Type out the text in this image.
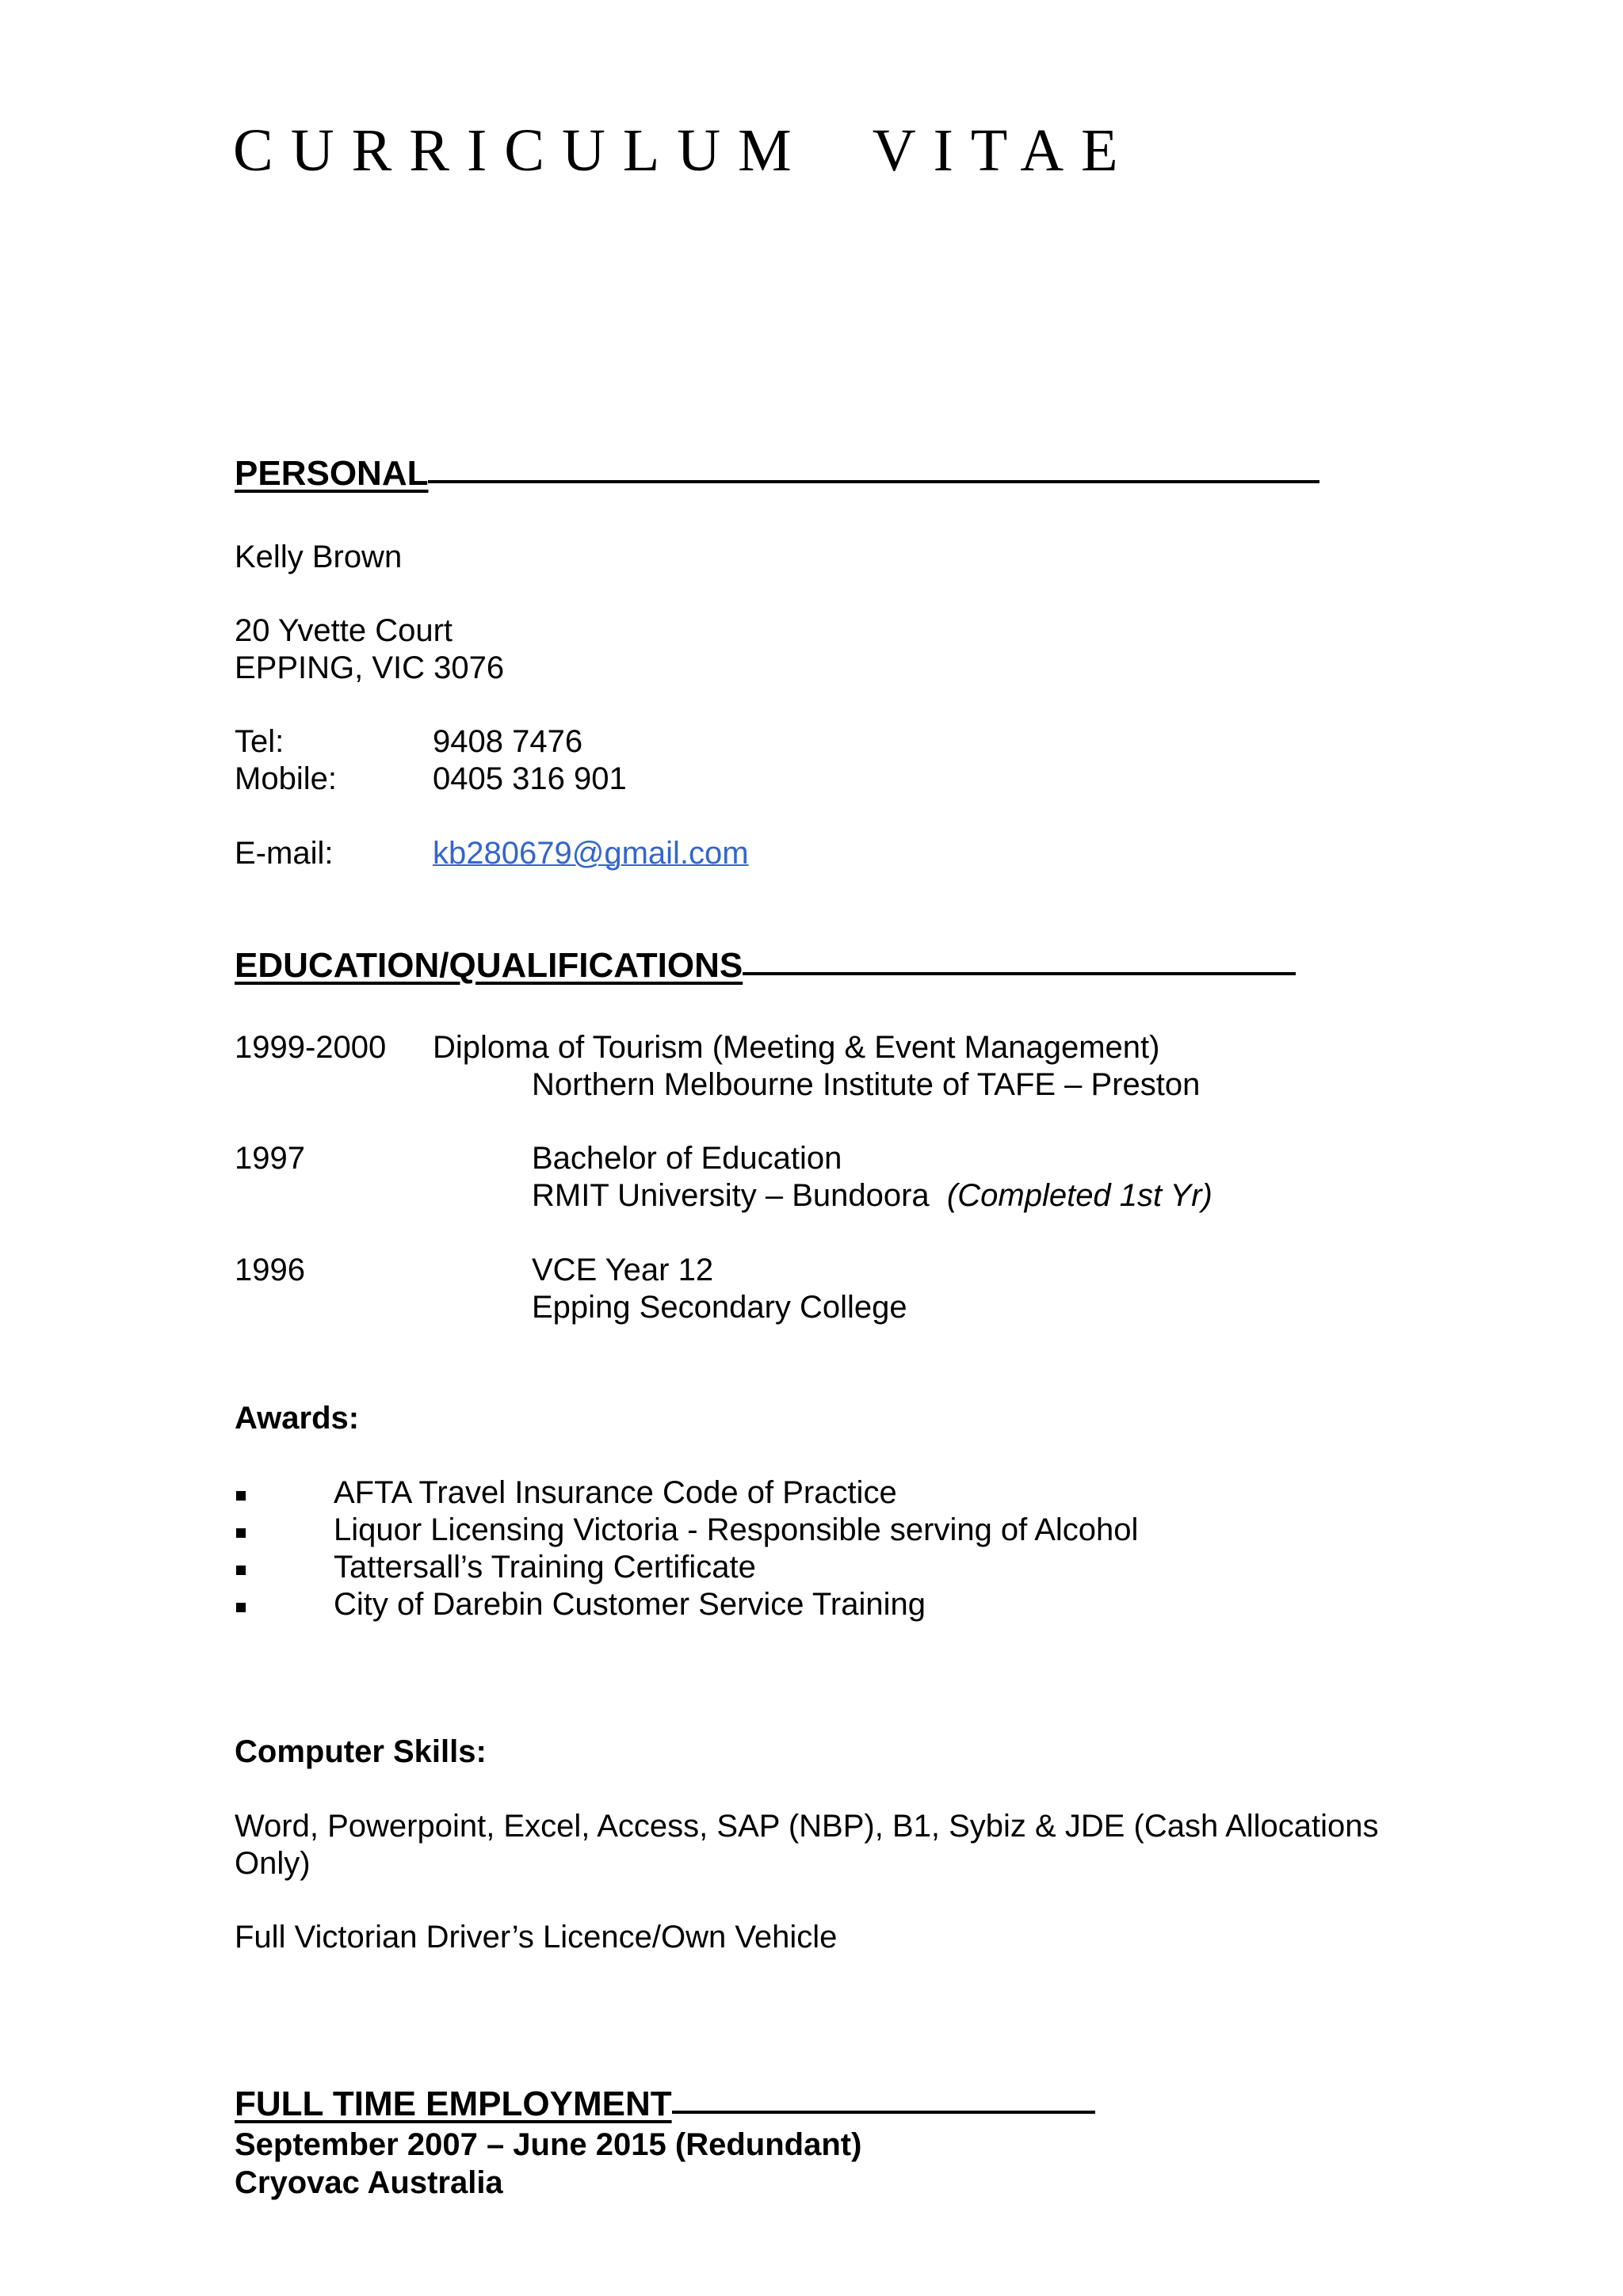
CURRICULUM VITAE
PERSONAL
Kelly Brown
20 Yvette Court
EPPING, VIC 3076
Tel:	9408 7476
Mobile:	0405 316 901
E-mail:	kb280679@gmail.com
EDUCATION/QUALIFICATIONS
1999-2000 Diploma of Tourism (Meeting & Event Management)
Northern Melbourne Institute of TAFE – Preston
1997	Bachelor of Education
RMIT University – Bundoora (Completed 1st Yr)
1996	VCE Year 12
Epping Secondary College
Awards:
AFTA Travel Insurance Code of Practice
Liquor Licensing Victoria - Responsible serving of Alcohol
Tattersall’s Training Certificate
City of Darebin Customer Service Training
Computer Skills:
Word, Powerpoint, Excel, Access, SAP (NBP), B1, Sybiz & JDE (Cash Allocations
Only)
Full Victorian Driver’s Licence/Own Vehicle
FULL TIME EMPLOYMENT
September 2007 – June 2015 (Redundant)
Cryovac Australia
